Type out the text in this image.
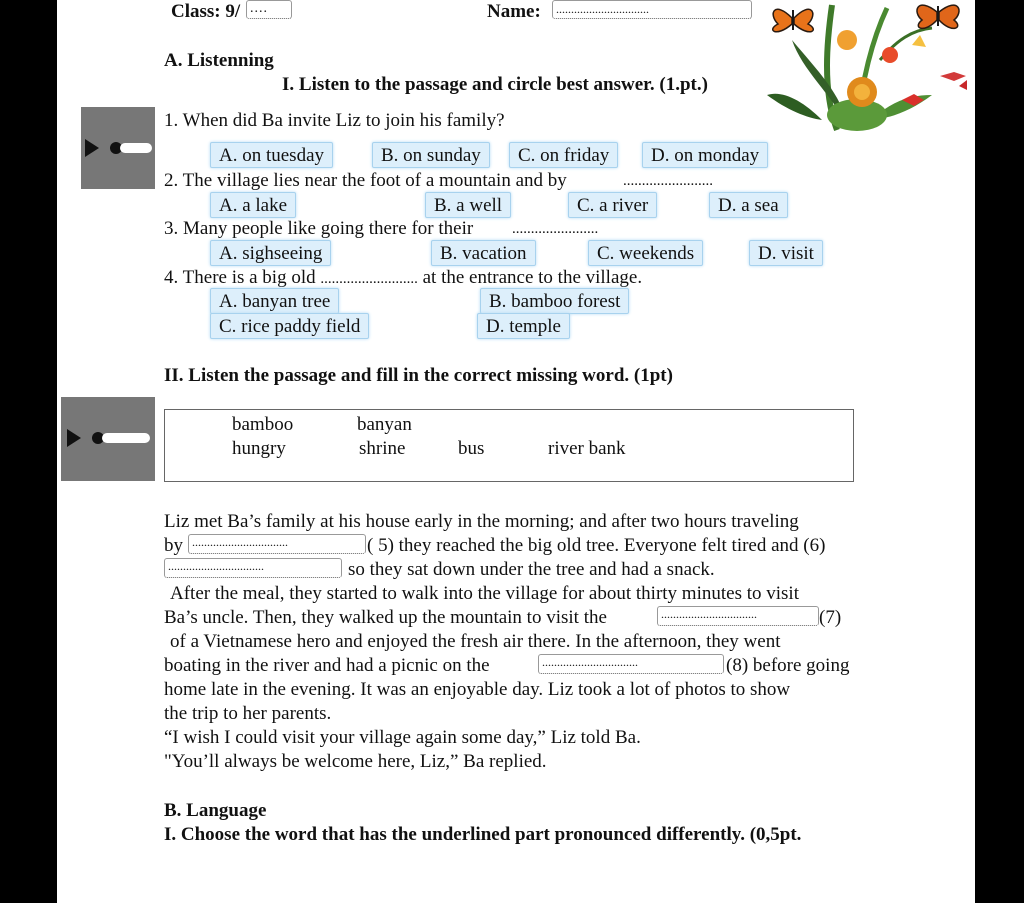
Class: 9/ ....	Name:	...............................
A. Listenning
I. Listen to the passage and circle best answer. (1.pt.)
1. When did Ba invite Liz to join his family?
A. on tuesday	B. on sunday	C. on friday	D. on monday
2. The village lies near the foot of a mountain and by	........................
A. a lake	B. a well	C. a river	D. a sea
3. Many people like going there for their	.......................
A. sighseeing	B. vacation	C. weekends	D. visit
4. There is a big old .......................... at the entrance to the village.
A. banyan tree	B. bamboo forest
C. rice paddy field	D. temple
II. Listen the passage and fill in the correct missing word. (1pt)
bamboo	banyan
hungry	shrine	bus	river bank
Liz met Ba’s family at his house early in the morning; and after two hours traveling
by ................................	( 5) they reached the big old tree. Everyone felt tired and (6)
................................	so they sat down under the tree and had a snack.
After the meal, they started to walk into the village for about thirty minutes to visit
Ba’s uncle. Then, they walked up the mountain to visit the	................................	(7)
of a Vietnamese hero and enjoyed the fresh air there. In the afternoon, they went
boating in the river and had a picnic on the	................................	(8) before going
home late in the evening. It was an enjoyable day. Liz took a lot of photos to show
the trip to her parents.
“I wish I could visit your village again some day,” Liz told Ba.
"You’ll always be welcome here, Liz,” Ba replied.
B. Language
I. Choose the word that has the underlined part pronounced differently. (0,5pt.
